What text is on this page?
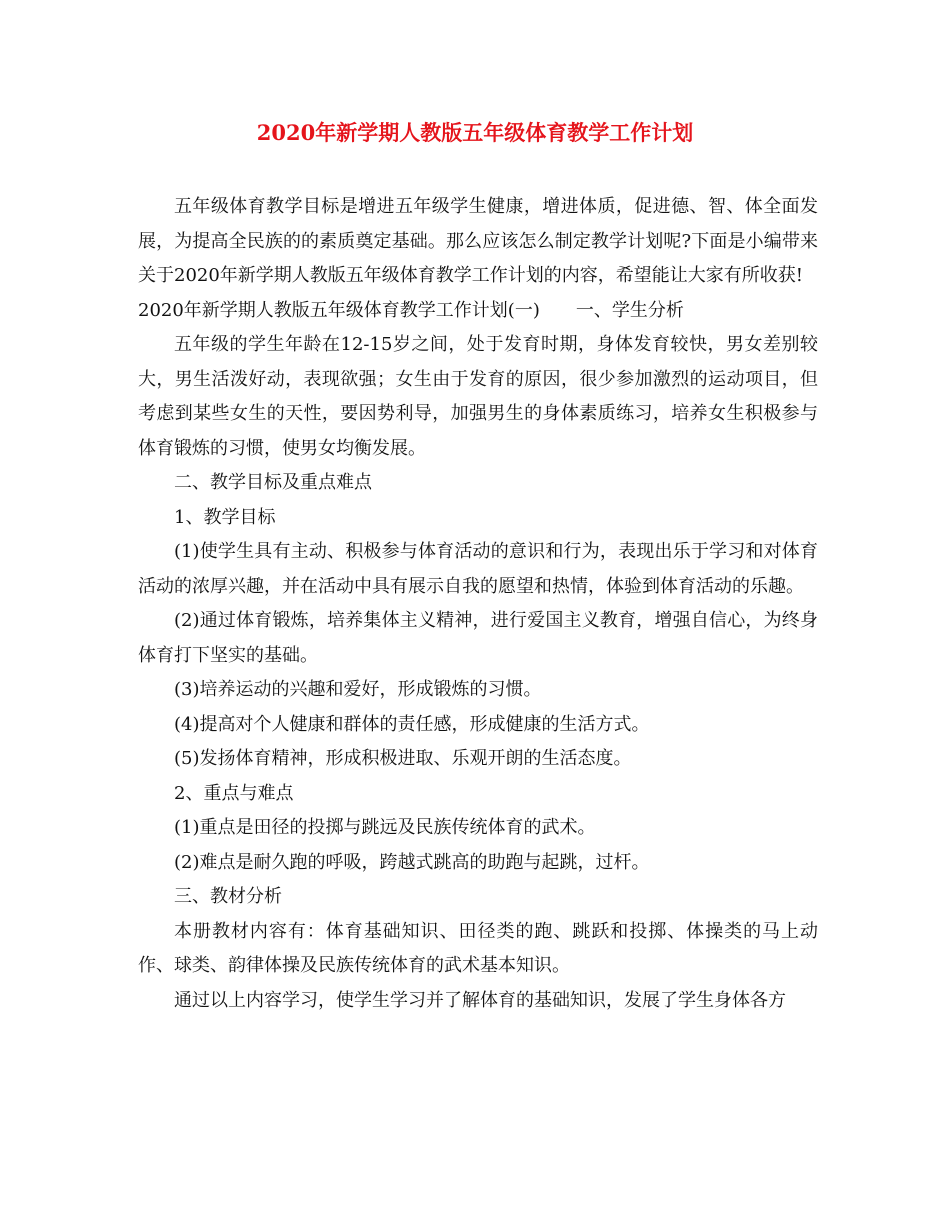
2020年新学期人教版五年级体育教学工作计划

五年级体育教学目标是增进五年级学生健康，增进体质，促进德、智、体全面发展，为提高全民族的的素质奠定基础。那么应该怎么制定教学计划呢?下面是小编带来关于2020年新学期人教版五年级体育教学工作计划的内容，希望能让大家有所收获!

2020年新学期人教版五年级体育教学工作计划(一) 一、学生分析

五年级的学生年龄在12-15岁之间，处于发育时期，身体发育较快，男女差别较大，男生活泼好动，表现欲强；女生由于发育的原因，很少参加激烈的运动项目，但考虑到某些女生的天性，要因势利导，加强男生的身体素质练习，培养女生积极参与体育锻炼的习惯，使男女均衡发展。

二、教学目标及重点难点

1、教学目标

(1)使学生具有主动、积极参与体育活动的意识和行为，表现出乐于学习和对体育活动的浓厚兴趣，并在活动中具有展示自我的愿望和热情，体验到体育活动的乐趣。

(2)通过体育锻炼，培养集体主义精神，进行爱国主义教育，增强自信心，为终身体育打下坚实的基础。

(3)培养运动的兴趣和爱好，形成锻炼的习惯。

(4)提高对个人健康和群体的责任感，形成健康的生活方式。

(5)发扬体育精神，形成积极进取、乐观开朗的生活态度。

2、重点与难点

(1)重点是田径的投掷与跳远及民族传统体育的武术。

(2)难点是耐久跑的呼吸，跨越式跳高的助跑与起跳，过杆。

三、教材分析

本册教材内容有：体育基础知识、田径类的跑、跳跃和投掷、体操类的马上动作、球类、韵律体操及民族传统体育的武术基本知识。

通过以上内容学习，使学生学习并了解体育的基础知识，发展了学生身体各方
